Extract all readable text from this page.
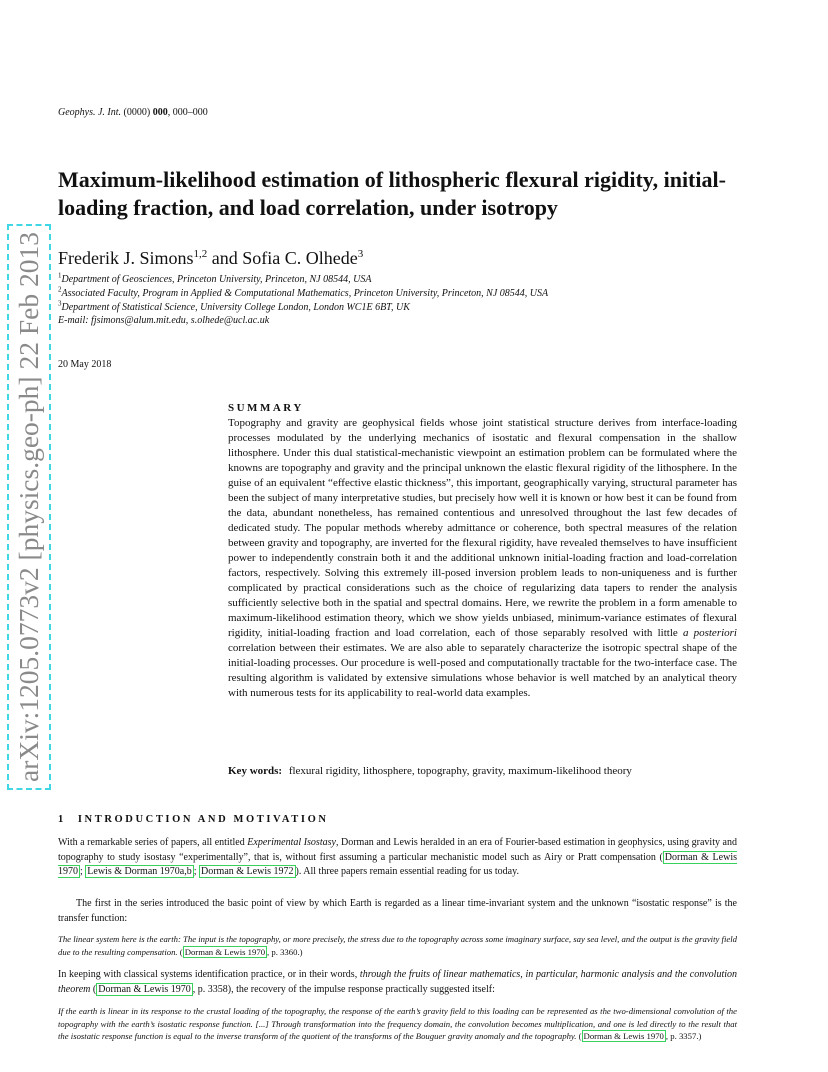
arXiv:1205.0773v2 [physics.geo-ph] 22 Feb 2013
Geophys. J. Int. (0000) 000, 000–000
Maximum-likelihood estimation of lithospheric flexural rigidity, initial-loading fraction, and load correlation, under isotropy
Frederik J. Simons$^{1,2}$ and Sofia C. Olhede$^3$
$^1$Department of Geosciences, Princeton University, Princeton, NJ 08544, USA
$^2$Associated Faculty, Program in Applied & Computational Mathematics, Princeton University, Princeton, NJ 08544, USA
$^3$Department of Statistical Science, University College London, London WC1E 6BT, UK
E-mail: fjsimons@alum.mit.edu, s.olhede@ucl.ac.uk
20 May 2018
SUMMARY
Topography and gravity are geophysical fields whose joint statistical structure derives from interface-loading processes modulated by the underlying mechanics of isostatic and flexural compensation in the shallow lithosphere. Under this dual statistical-mechanistic viewpoint an estimation problem can be formulated where the knowns are topography and gravity and the principal unknown the elastic flexural rigidity of the lithosphere. In the guise of an equivalent “effective elastic thickness”, this important, geographically varying, structural parameter has been the subject of many interpretative studies, but precisely how well it is known or how best it can be found from the data, abundant nonetheless, has remained contentious and unresolved throughout the last few decades of dedicated study. The popular methods whereby admittance or coherence, both spectral measures of the relation between gravity and topography, are inverted for the flexural rigidity, have revealed themselves to have insufficient power to independently constrain both it and the additional unknown initial-loading fraction and load-correlation factors, respectively. Solving this extremely ill-posed inversion problem leads to non-uniqueness and is further complicated by practical considerations such as the choice of regularizing data tapers to render the analysis sufficiently selective both in the spatial and spectral domains. Here, we rewrite the problem in a form amenable to maximum-likelihood estimation theory, which we show yields unbiased, minimum-variance estimates of flexural rigidity, initial-loading fraction and load correlation, each of those separably resolved with little a posteriori correlation between their estimates. We are also able to separately characterize the isotropic spectral shape of the initial-loading processes. Our procedure is well-posed and computationally tractable for the two-interface case. The resulting algorithm is validated by extensive simulations whose behavior is well matched by an analytical theory with numerous tests for its applicability to real-world data examples.
Key words: flexural rigidity, lithosphere, topography, gravity, maximum-likelihood theory
1 INTRODUCTION AND MOTIVATION
With a remarkable series of papers, all entitled Experimental Isostasy, Dorman and Lewis heralded in an era of Fourier-based estimation in geophysics, using gravity and topography to study isostasy “experimentally”, that is, without first assuming a particular mechanistic model such as Airy or Pratt compensation ( Dorman & Lewis 1970 ; Lewis & Dorman 1970a,b ; Dorman & Lewis 1972 ). All three papers remain essential reading for us today.
The first in the series introduced the basic point of view by which Earth is regarded as a linear time-invariant system and the unknown “isostatic response” is the transfer function:
The linear system here is the earth: The input is the topography, or more precisely, the stress due to the topography across some imaginary surface, say sea level, and the output is the gravity field due to the resulting compensation. ( Dorman & Lewis 1970 , p. 3360.)
In keeping with classical systems identification practice, or in their words, through the fruits of linear mathematics, in particular, harmonic analysis and the convolution theorem ( Dorman & Lewis 1970 , p. 3358), the recovery of the impulse response practically suggested itself:
If the earth is linear in its response to the crustal loading of the topography, the response of the earth’s gravity field to this loading can be represented as the two-dimensional convolution of the topography with the earth’s isostatic response function. [...] Through transformation into the frequency domain, the convolution becomes multiplication, and one is led directly to the result that the isostatic response function is equal to the inverse transform of the quotient of the transforms of the Bouguer gravity anomaly and the topography. ( Dorman & Lewis 1970 , p. 3357.)
